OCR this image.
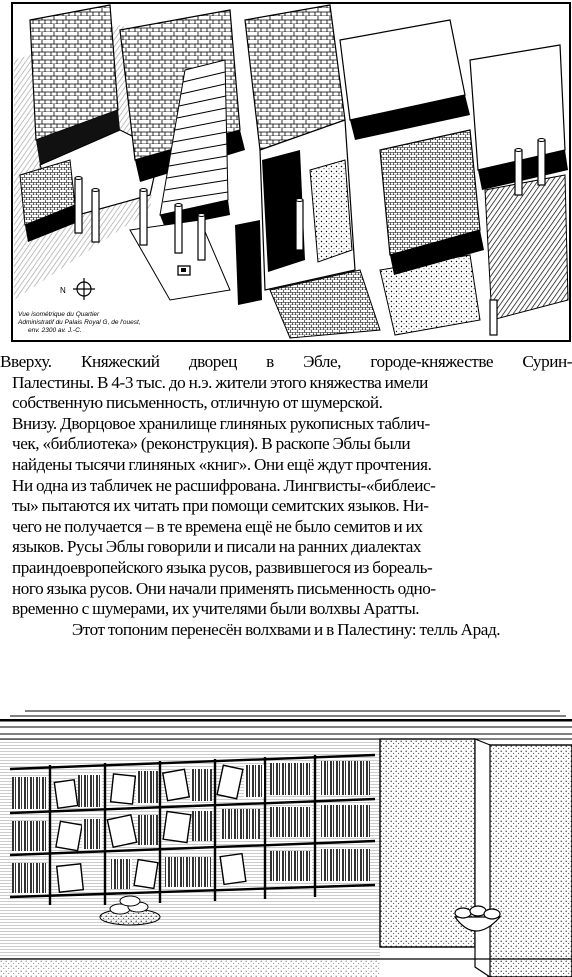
N
Vue isométrique du Quartier
Administratif du Palais Royal G, de l'ouest,
env. 2300 av. J.-C.

Вверху. Княжеский дворец в Эбле, городе-княжестве Сурин-

Палестины. В 4-3 тыс. до н.э. жители этого княжества имели

собственную письменность, отличную от шумерской.

Внизу. Дворцовое хранилище глиняных рукописных таблич-

чек, «библиотека» (реконструкция). В раскопе Эблы были

найдены тысячи глиняных «книг». Они ещё ждут прочтения.

Ни одна из табличек не расшифрована. Лингвисты-«библеис-

ты» пытаются их читать при помощи семитских языков. Ни-

чего не получается – в те времена ещё не было семитов и их

языков. Русы Эблы говорили и писали на ранних диалектах

праиндоевропейского языка русов, развившегося из бореаль-

ного языка русов. Они начали применять письменность одно-

временно с шумерами, их учителями были волхвы Аратты.

Этот топоним перенесён волхвами и в Палестину: телль Арад.
